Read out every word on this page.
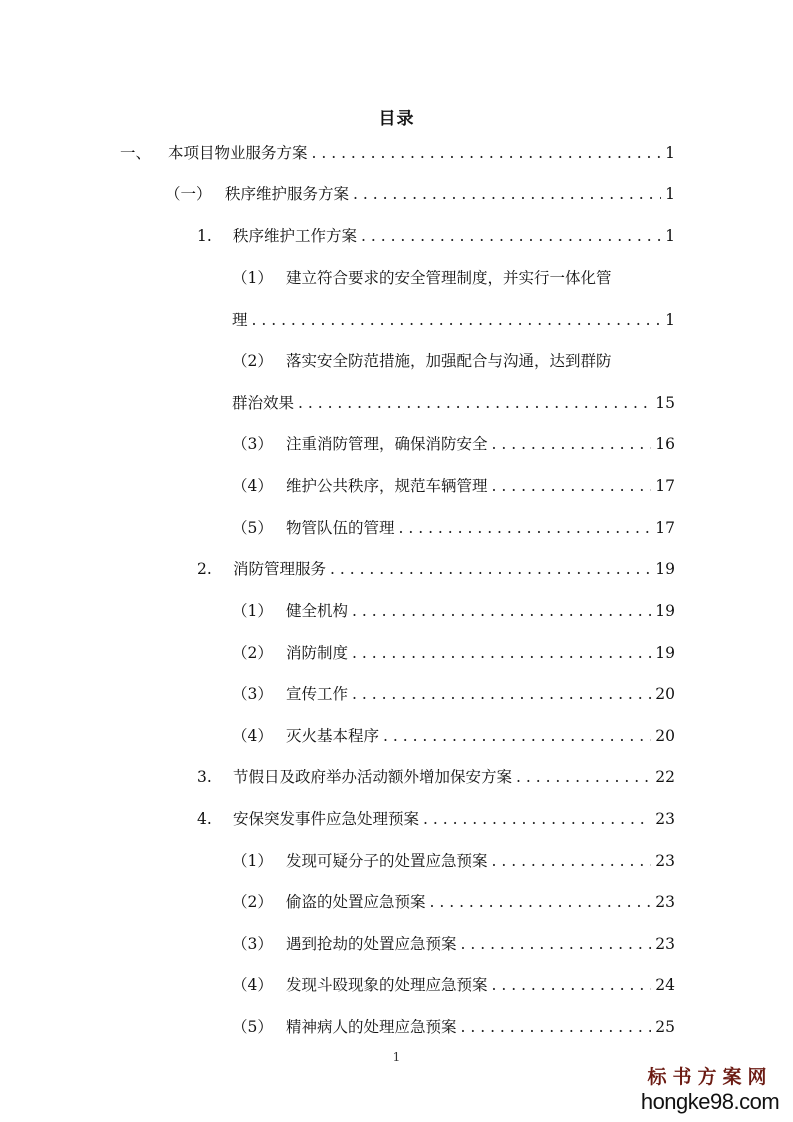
目录
一、	本项目物业服务方案 . . .	1
（一） 秩序维护服务方案 . . .	1
1.	秩序维护工作方案 . . .	1
（1） 建立符合要求的安全管理制度，并实行一体化管
理 . . .	1
（2） 落实安全防范措施，加强配合与沟通，达到群防
群治效果 . . .	15
（3） 注重消防管理，确保消防安全 . . .	16
（4） 维护公共秩序，规范车辆管理 . . .	17
（5） 物管队伍的管理 . . .	17
2.	消防管理服务 . . .	19
（1） 健全机构 . . .	19
（2） 消防制度 . . .	19
（3） 宣传工作 . . .	20
（4） 灭火基本程序 . . .	20
3.	节假日及政府举办活动额外增加保安方案 . . .	22
4.	安保突发事件应急处理预案 . . .	23
（1） 发现可疑分子的处置应急预案 . . .	23
（2） 偷盗的处置应急预案 . . .	23
（3） 遇到抢劫的处置应急预案 . . .	23
（4） 发现斗殴现象的处理应急预案 . . .	24
（5） 精神病人的处理应急预案 . . .	25
1
标书方案网
hongke98.com
